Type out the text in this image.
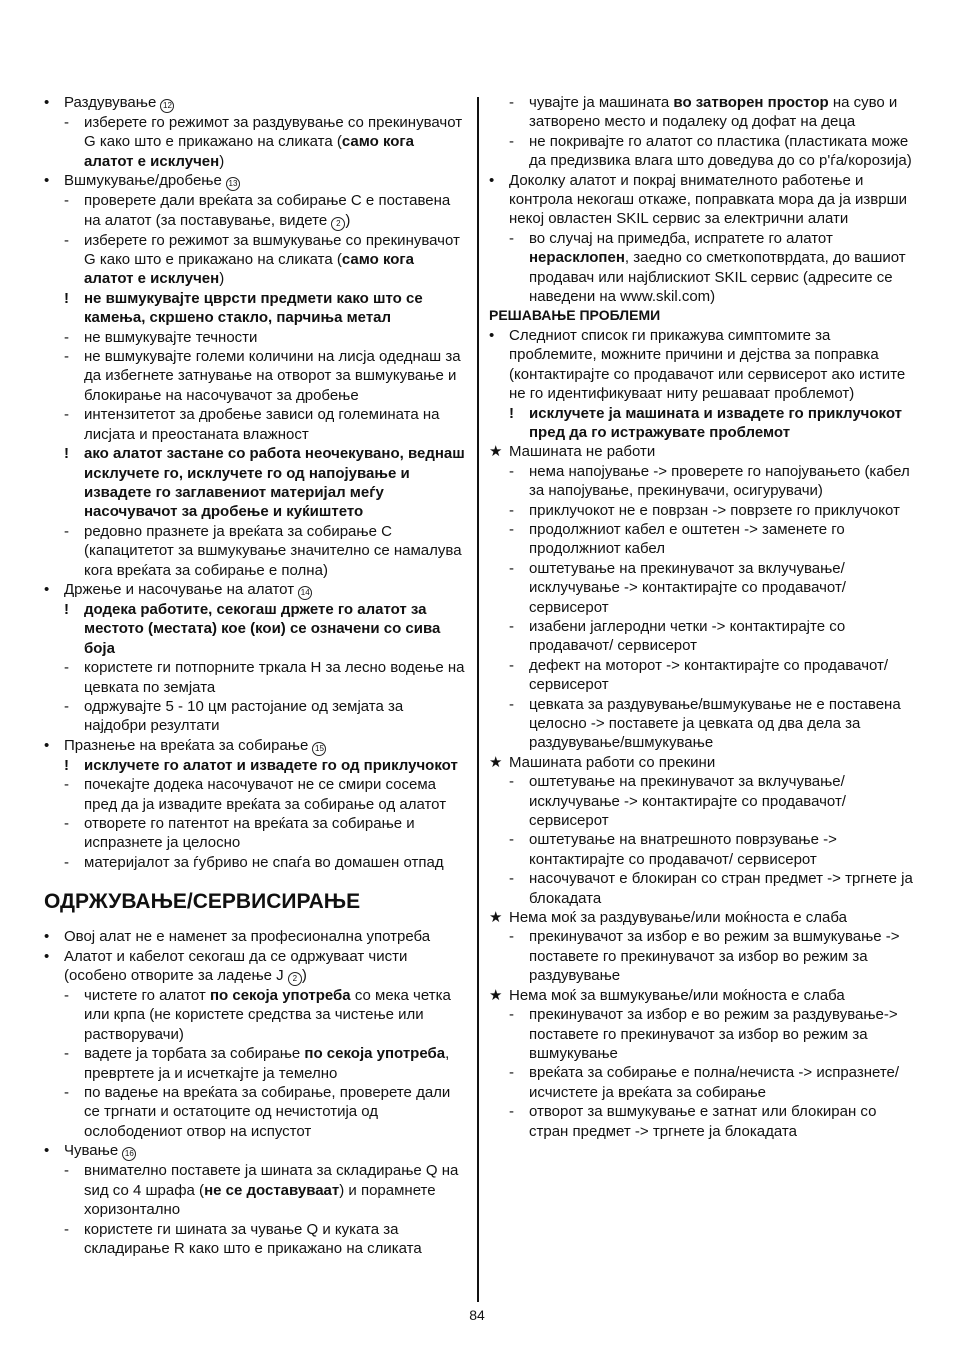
• Раздувување 12
- изберете го режимот за раздувување со прекинувачот G како што е прикажано на сликата (само кога алатот е исклучен)
• Вшмукување/дробење 13
- проверете дали вреќата за собирање C е поставена на алатот (за поставување, видете 2 )
- изберете го режимот за вшмукување со прекинувачот G како што е прикажано на сликата (само кога алатот е исклучен)
! не вшмукувајте цврсти предмети како што се камења, скршено стакло, парчиња метал
- не вшмукувајте течности
- не вшмукувајте големи количини на лисја одеднаш за да избегнете затнување на отворот за вшмукување и блокирање на насочувачот за дробење
- интензитетот за дробење зависи од големината на лисјата и преостаната влажност
! ако алатот застане со работа неочекувано, веднаш исклучете го, исклучете го од напојување и извадете го заглавениот материјал меѓу насочувачот за дробење и куќиштето
- редовно празнете ја вреќата за собирање C (капацитетот за вшмукување значително се намалува кога вреќата за собирање е полна)
• Држење и насочување на алатот 14
! додека работите, секогаш држете го алатот за местото (местата) кое (кои) се означени со сива боја
- користете ги потпорните тркала H за лесно водење на цевката по земјата
- одржувајте 5 - 10 цм растојание од земјата за најдобри резултати
• Празнење на вреќата за собирање 15
! исклучете го алатот и извадете го од приклучокот
- почекајте додека насочувачот не се смири сосема пред да ја извадите вреќата за собирање од алатот
- отворете го патентот на вреќата за собирање и испразнете ја целосно
- материјалот за ѓубриво не спаѓа во домашен отпад
ОДРЖУВАЊЕ/СЕРВИСИРАЊЕ
• Овој алат не е наменет за професионална употреба
• Алатот и кабелот секогаш да се одржуваат чисти (особено отворите за ладење J 2 )
- чистете го алатот по секоја употреба со мека четка или крпа (не користете средства за чистење или растворувачи)
- вадете ја торбата за собирање по секоја употреба, превртете ја и исчеткајте ја темелно
- по вадење на вреќата за собирање, проверете дали се тргнати и остатоците од нечистотија од ослободениот отвор на испустот
• Чување 16
- внимателно поставете ја шината за складирање Q на ѕид со 4 шрафа (не се доставуваат) и порамнете хоризонтално
- користете ги шината за чување Q и куката за складирање R како што е прикажано на сликата
- чувајте ја машината во затворен простор на суво и затворено место и подалеку од дофат на деца
- не покривајте го алатот со пластика (пластиката може да предизвика влага што доведува до со р'ѓа/корозија)
• Доколку алатот и покрај внимателното работење и контрола некогаш откаже, поправката мора да ја изврши некој овластен SKIL сервис за електрични алати
- во случај на примедба, испратете го алатот нерасклопен, заедно со сметкопотврдата, до вашиот продавач или најблискиот SKIL сервис (адресите се наведени на www.skil.com)
РЕШАВАЊЕ ПРОБЛЕМИ
• Следниот список ги прикажува симптомите за проблемите, можните причини и дејства за поправка (контактирајте со продавачот или сервисерот ако истите не го идентификуваат ниту решаваат проблемот)
! исклучете ја машината и извадете го приклучокот пред да го истражувате проблемот
★ Машината не работи
- нема напојување -> проверете го напојувањето (кабел за напојување, прекинувачи, осигурувачи)
- приклучокот не е поврзан -> поврзете го приклучокот
- продолжниот кабел е оштетен -> заменете го продолжниот кабел
- оштетување на прекинувачот за вклучување/ исклучување -> контактирајте со продавачот/ сервисерот
- изабени јаглеродни четки -> контактирајте со продавачот/ сервисерот
- дефект на моторот -> контактирајте со продавачот/ сервисерот
- цевката за раздувување/вшмукување не е поставена целосно -> поставете ја цевката од два дела за раздувување/вшмукување
★ Машината работи со прекини
- оштетување на прекинувачот за вклучување/ исклучување -> контактирајте со продавачот/ сервисерот
- оштетување на внатрешното поврзување -> контактирајте со продавачот/ сервисерот
- насочувачот е блокиран со стран предмет -> тргнете ја блокадата
★ Нема моќ за раздувување/или моќноста е слаба
- прекинувачот за избор е во режим за вшмукување -> поставете го прекинувачот за избор во режим за раздувување
★ Нема моќ за вшмукување/или моќноста е слаба
- прекинувачот за избор е во режим за раздувување-> поставете го прекинувачот за избор во режим за вшмукување
- вреќата за собирање е полна/нечиста -> испразнете/исчистете ја вреќата за собирање
- отворот за вшмукување е затнат или блокиран со стран предмет -> тргнете ја блокадата
84
